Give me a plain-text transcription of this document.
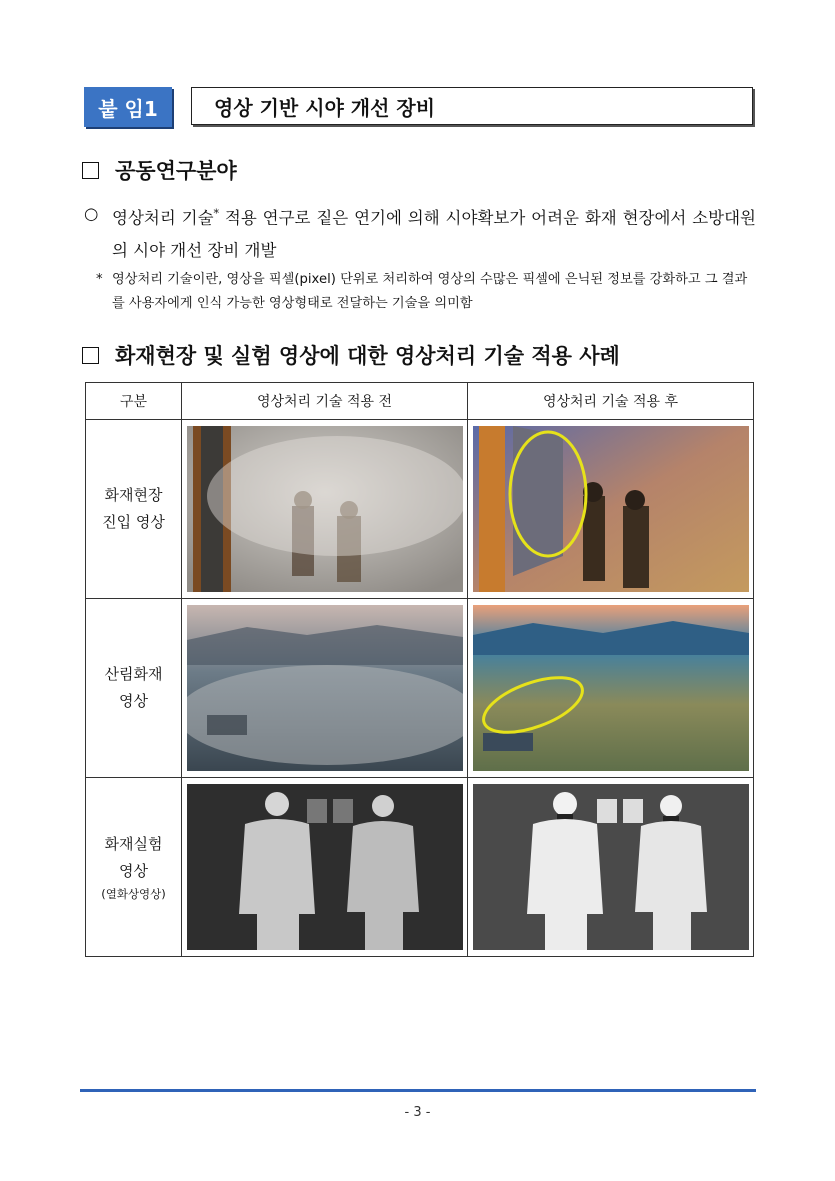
붙 임1	영상 기반 시야 개선 장비
공동연구분야
○ 영상처리 기술* 적용 연구로 짙은 연기에 의해 시야확보가 어려운 화재 현장에서 소방대원의 시야 개선 장비 개발
* 영상처리 기술이란, 영상을 픽셀(pixel) 단위로 처리하여 영상의 수많은 픽셀에 은닉된 정보를 강화하고 그 결과를 사용자에게 인식 가능한 영상형태로 전달하는 기술을 의미함
화재현장 및 실험 영상에 대한 영상처리 기술 적용 사례
구분	영상처리 기술 적용 전	영상처리 기술 적용 후
화재현장
진입 영상	

산림화재
영상	

화재실험
영상
(열화상영상)

- 3 -
